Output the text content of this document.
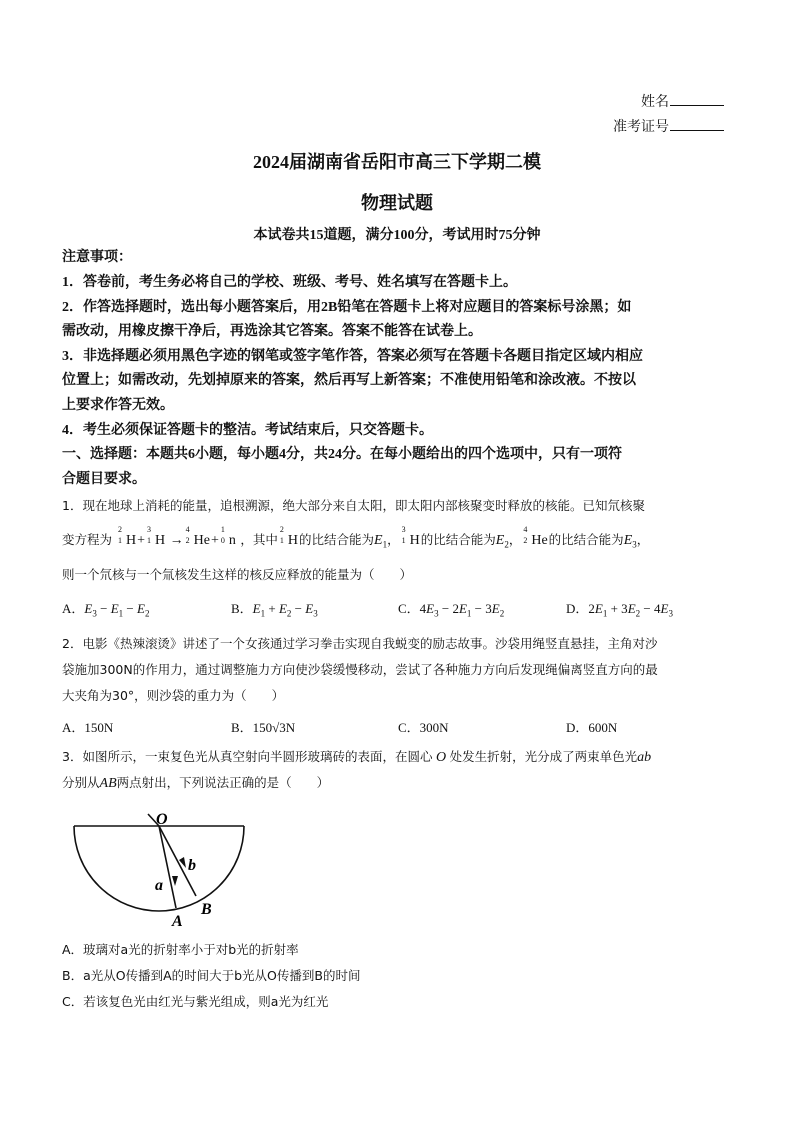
姓名
准考证号
2024届湖南省岳阳市高三下学期二模
物理试题
本试卷共15道题，满分100分，考试用时75分钟
注意事项：
1．答卷前，考生务必将自己的学校、班级、考号、姓名填写在答题卡上。
2．作答选择题时，选出每小题答案后，用2B铅笔在答题卡上将对应题目的答案标号涂黑；如
需改动，用橡皮擦干净后，再选涂其它答案。答案不能答在试卷上。
3．非选择题必须用黑色字迹的钢笔或签字笔作答，答案必须写在答题卡各题目指定区域内相应
位置上；如需改动，先划掉原来的答案，然后再写上新答案；不准使用铅笔和涂改液。不按以
上要求作答无效。
4．考生必须保证答题卡的整洁。考试结束后，只交答题卡。
一、选择题：本题共6小题，每小题4分，共24分。在每小题给出的四个选项中，只有一项符
合题目要求。
1．现在地球上消耗的能量，追根溯源，绝大部分来自太阳，即太阳内部核聚变时释放的核能。已知氘核聚
变方程为
2
1 H+
3
1 H →
4
2 He+
1
0 n ，其中
2
1 H的比结合能为$E_1$，
3
1 H的比结合能为$E_2$，
4
2 He的比结合能为$E_3$，
则一个氘核与一个氚核发生这样的核反应释放的能量为（　　）
A．$E_3 - E_1 - E_2$	B．$E_1 + E_2 - E_3$	C．$4E_3 - 2E_1 - 3E_2$	D．$2E_1 + 3E_2 - 4E_3$
2．电影《热辣滚烫》讲述了一个女孩通过学习拳击实现自我蜕变的励志故事。沙袋用绳竖直悬挂，主角对沙
袋施加300N的作用力，通过调整施力方向使沙袋缓慢移动，尝试了各种施力方向后发现绳偏离竖直方向的最
大夹角为30°，则沙袋的重力为（　　）
A．150N	B．150√3N	C．300N	D．600N
3．如图所示，一束复色光从真空射向半圆形玻璃砖的表面，在圆心 O 处发生折射，光分成了两束单色光ab
分别从AB两点射出，下列说法正确的是（　　）
O
b
a
A
B
A．玻璃对a光的折射率小于对b光的折射率
B．a光从O传播到A的时间大于b光从O传播到B的时间
C．若该复色光由红光与紫光组成，则a光为红光
